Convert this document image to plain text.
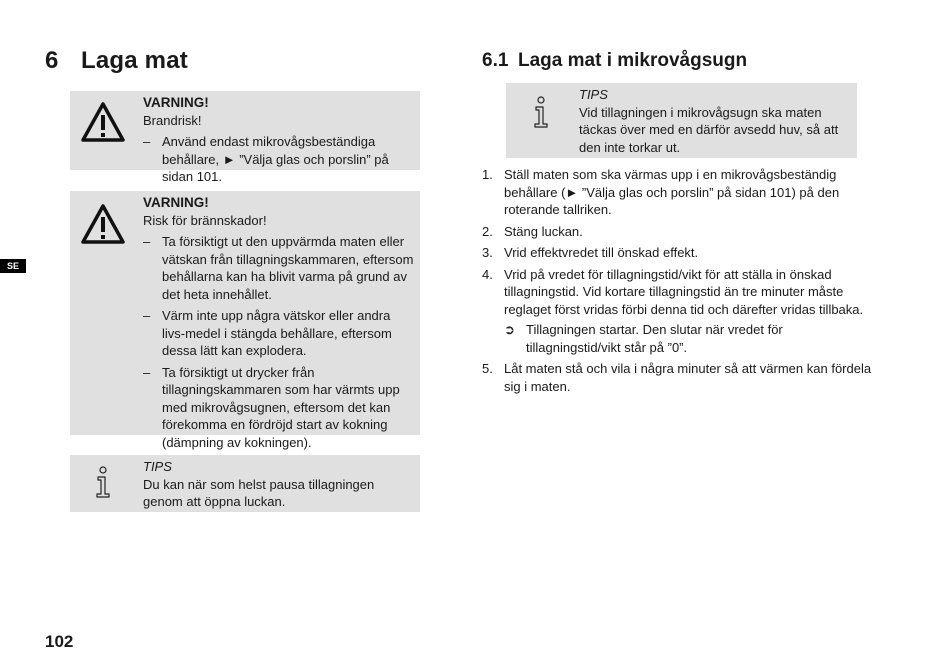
6 Laga mat	6.1 Laga mat i mikrovågsugn
SE
VARNING!
Brandrisk!
– Använd endast mikrovågsbeständiga behållare, ► ”Välja glas och porslin” på sidan 101.
VARNING!
Risk för brännskador!
– Ta försiktigt ut den uppvärmda maten eller vätskan från tillagningskammaren, eftersom behållarna kan ha blivit varma på grund av det heta innehållet.
– Värm inte upp några vätskor eller andra livs-medel i stängda behållare, eftersom dessa lätt kan explodera.
– Ta försiktigt ut drycker från tillagningskammaren som har värmts upp med mikrovågsugnen, eftersom det kan förekomma en fördröjd start av kokning (dämpning av kokningen).
TIPS
Du kan när som helst pausa tillagningen genom att öppna luckan.
TIPS
Vid tillagningen i mikrovågsugn ska maten täckas över med en därför avsedd huv, så att den inte torkar ut.
1. Ställ maten som ska värmas upp i en mikrovågsbeständig behållare (► ”Välja glas och porslin” på sidan 101) på den roterande tallriken.
2. Stäng luckan.
3. Vrid effektvredet till önskad effekt.
4. Vrid på vredet för tillagningstid/vikt för att ställa in önskad tillagningstid. Vid kortare tillagningstid än tre minuter måste reglaget först vridas förbi denna tid och därefter vridas tillbaka.
➲ Tillagningen startar. Den slutar när vredet för tillagningstid/vikt står på ”0”.
5. Låt maten stå och vila i några minuter så att värmen kan fördela sig i maten.
102
